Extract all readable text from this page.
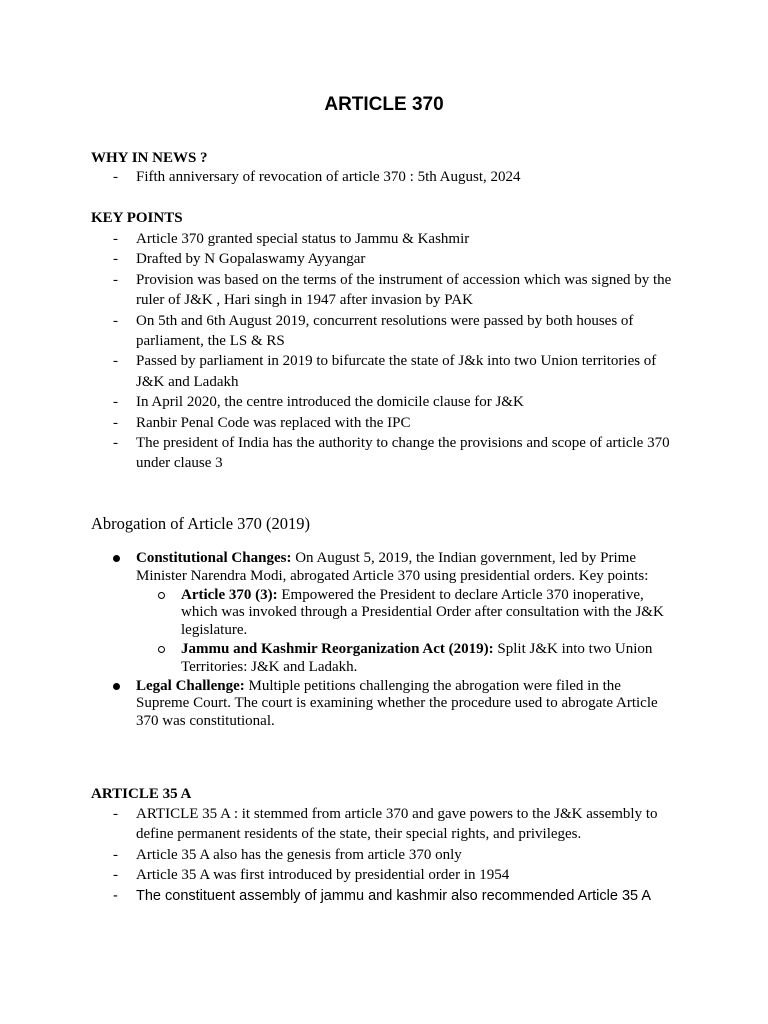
ARTICLE 370
WHY IN NEWS ?
- Fifth anniversary of revocation of article 370 : 5th August, 2024
KEY POINTS
- Article 370 granted special status to Jammu & Kashmir
- Drafted by N Gopalaswamy Ayyangar
- Provision was based on the terms of the instrument of accession which was signed by the ruler of J&K , Hari singh in 1947 after invasion by PAK
- On 5th and 6th August 2019, concurrent resolutions were passed by both houses of parliament, the LS & RS
- Passed by parliament in 2019 to bifurcate the state of J&k into two Union territories of J&K and Ladakh
- In April 2020, the centre introduced the domicile clause for J&K
- Ranbir Penal Code was replaced with the IPC
- The president of India has the authority to change the provisions and scope of article 370 under clause 3
Abrogation of Article 370 (2019)
Constitutional Changes: On August 5, 2019, the Indian government, led by Prime Minister Narendra Modi, abrogated Article 370 using presidential orders. Key points:
Article 370 (3): Empowered the President to declare Article 370 inoperative, which was invoked through a Presidential Order after consultation with the J&K legislature.
Jammu and Kashmir Reorganization Act (2019): Split J&K into two Union Territories: J&K and Ladakh.
Legal Challenge: Multiple petitions challenging the abrogation were filed in the Supreme Court. The court is examining whether the procedure used to abrogate Article 370 was constitutional.
ARTICLE 35 A
- ARTICLE 35 A : it stemmed from article 370 and gave powers to the J&K assembly to define permanent residents of the state, their special rights, and privileges.
- Article 35 A also has the genesis from article 370 only
- Article 35 A was first introduced by presidential order in 1954
- The constituent assembly of jammu and kashmir also recommended Article 35 A
